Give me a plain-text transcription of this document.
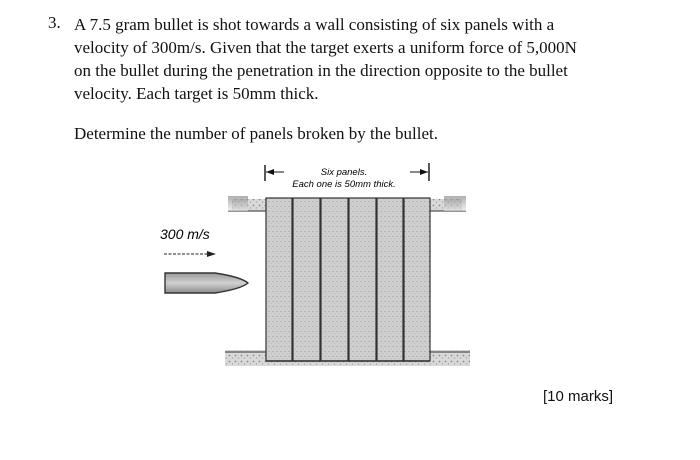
3. A 7.5 gram bullet is shot towards a wall consisting of six panels with a
velocity of 300m/s. Given that the target exerts a uniform force of 5,000N
on the bullet during the penetration in the direction opposite to the bullet
velocity. Each target is 50mm thick.
Determine the number of panels broken by the bullet.
Six panels.
Each one is 50mm thick.
300 m/s
[10 marks]
